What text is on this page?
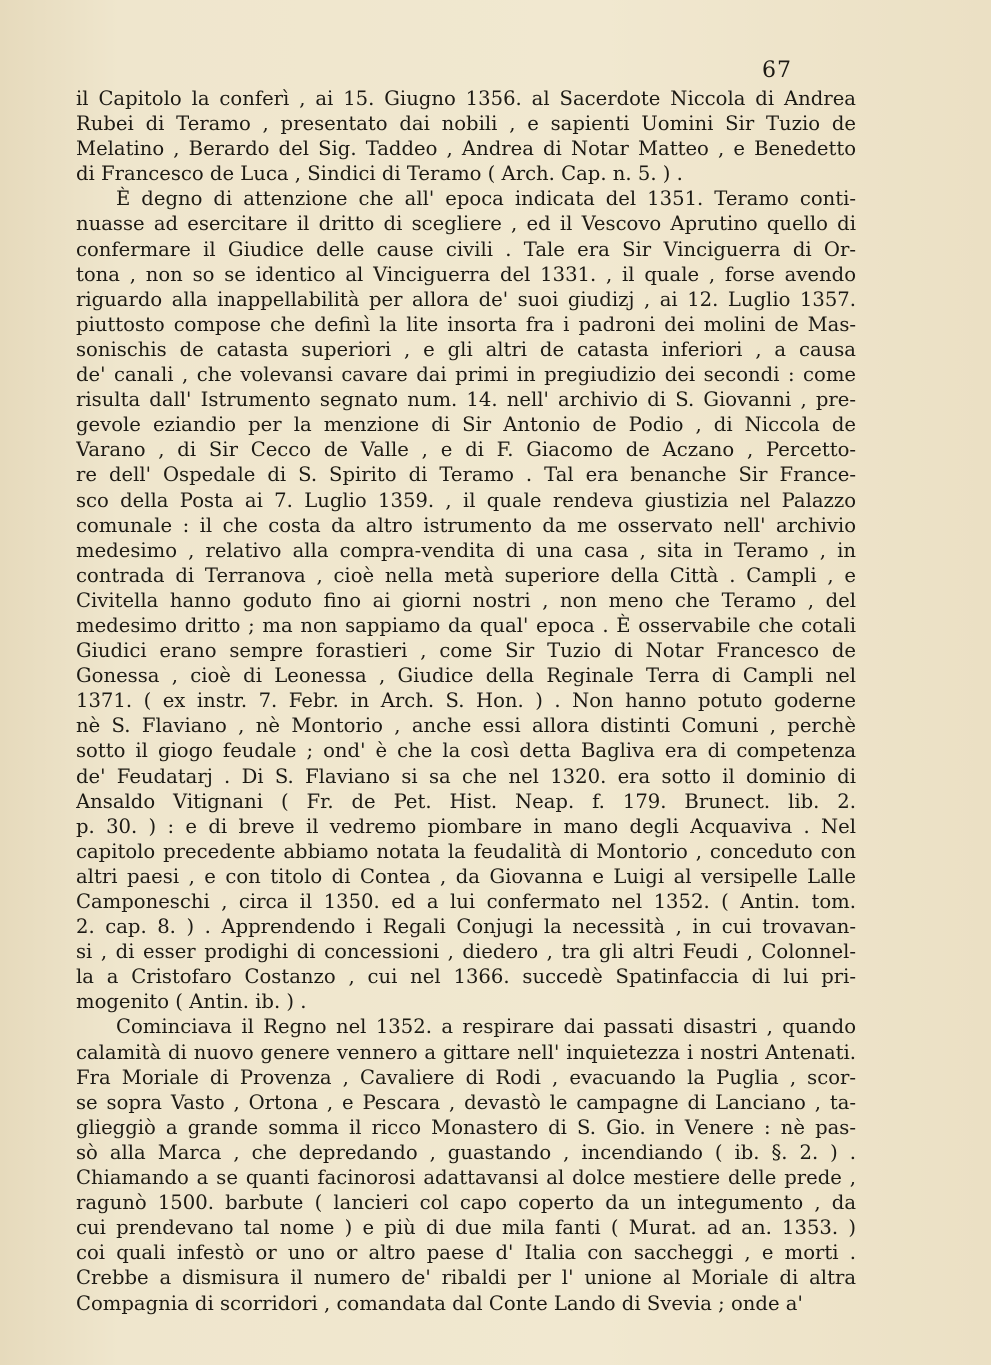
67
il Capitolo la conferì , ai 15. Giugno 1356. al Sacerdote Niccola di Andrea
Rubei di Teramo , presentato dai nobili , e sapienti Uomini Sir Tuzio de
Melatino , Berardo del Sig. Taddeo , Andrea di Notar Matteo , e Benedetto
di Francesco de Luca , Sindici di Teramo ( Arch. Cap. n. 5. ) .
È degno di attenzione che all' epoca indicata del 1351. Teramo conti-
nuasse ad esercitare il dritto di scegliere , ed il Vescovo Aprutino quello di
confermare il Giudice delle cause civili . Tale era Sir Vinciguerra di Or-
tona , non so se identico al Vinciguerra del 1331. , il quale , forse avendo
riguardo alla inappellabilità per allora de' suoi giudizj , ai 12. Luglio 1357.
piuttosto compose che definì la lite insorta fra i padroni dei molini de Mas-
sonischis de catasta superiori , e gli altri de catasta inferiori , a causa
de' canali , che volevansi cavare dai primi in pregiudizio dei secondi : come
risulta dall' Istrumento segnato num. 14. nell' archivio di S. Giovanni , pre-
gevole eziandio per la menzione di Sir Antonio de Podio , di Niccola de
Varano , di Sir Cecco de Valle , e di F. Giacomo de Aczano , Percetto-
re dell' Ospedale di S. Spirito di Teramo . Tal era benanche Sir France-
sco della Posta ai 7. Luglio 1359. , il quale rendeva giustizia nel Palazzo
comunale : il che costa da altro istrumento da me osservato nell' archivio
medesimo , relativo alla compra-vendita di una casa , sita in Teramo , in
contrada di Terranova , cioè nella metà superiore della Città . Campli , e
Civitella hanno goduto fino ai giorni nostri , non meno che Teramo , del
medesimo dritto ; ma non sappiamo da qual' epoca . È osservabile che cotali
Giudici erano sempre forastieri , come Sir Tuzio di Notar Francesco de
Gonessa , cioè di Leonessa , Giudice della Reginale Terra di Campli nel
1371. ( ex instr. 7. Febr. in Arch. S. Hon. ) . Non hanno potuto goderne
nè S. Flaviano , nè Montorio , anche essi allora distinti Comuni , perchè
sotto il giogo feudale ; ond' è che la così detta Bagliva era di competenza
de' Feudatarj . Di S. Flaviano si sa che nel 1320. era sotto il dominio di
Ansaldo Vitignani ( Fr. de Pet. Hist. Neap. f. 179. Brunect. lib. 2.
p. 30. ) : e di breve il vedremo piombare in mano degli Acquaviva . Nel
capitolo precedente abbiamo notata la feudalità di Montorio , conceduto con
altri paesi , e con titolo di Contea , da Giovanna e Luigi al versipelle Lalle
Camponeschi , circa il 1350. ed a lui confermato nel 1352. ( Antin. tom.
2. cap. 8. ) . Apprendendo i Regali Conjugi la necessità , in cui trovavan-
si , di esser prodighi di concessioni , diedero , tra gli altri Feudi , Colonnel-
la a Cristofaro Costanzo , cui nel 1366. succedè Spatinfaccia di lui pri-
mogenito ( Antin. ib. ) .
Cominciava il Regno nel 1352. a respirare dai passati disastri , quando
calamità di nuovo genere vennero a gittare nell' inquietezza i nostri Antenati.
Fra Moriale di Provenza , Cavaliere di Rodi , evacuando la Puglia , scor-
se sopra Vasto , Ortona , e Pescara , devastò le campagne di Lanciano , ta-
glieggiò a grande somma il ricco Monastero di S. Gio. in Venere : nè pas-
sò alla Marca , che depredando , guastando , incendiando ( ib. §. 2. ) .
Chiamando a se quanti facinorosi adattavansi al dolce mestiere delle prede ,
ragunò 1500. barbute ( lancieri col capo coperto da un integumento , da
cui prendevano tal nome ) e più di due mila fanti ( Murat. ad an. 1353. )
coi quali infestò or uno or altro paese d' Italia con saccheggi , e morti .
Crebbe a dismisura il numero de' ribaldi per l' unione al Moriale di altra
Compagnia di scorridori , comandata dal Conte Lando di Svevia ; onde a'
